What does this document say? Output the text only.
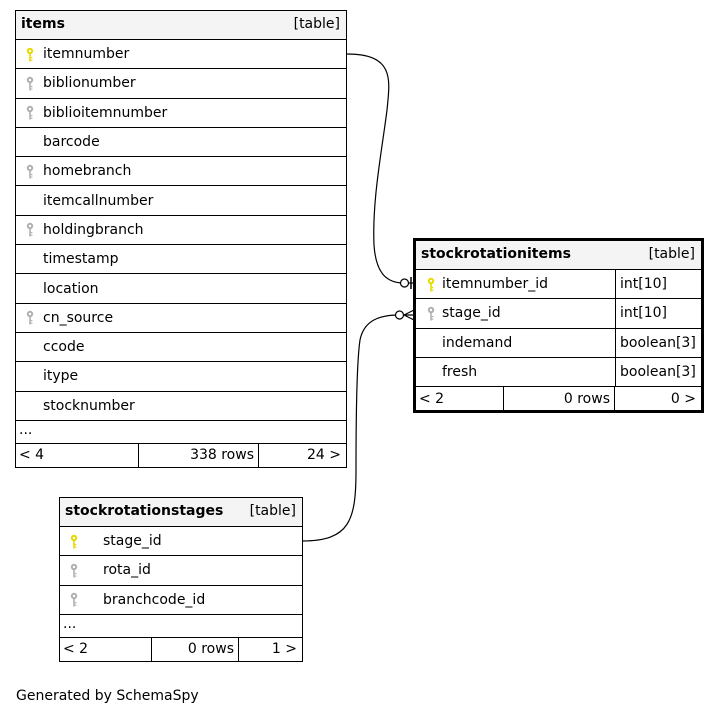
items	[table]
itemnumber
biblionumber
biblioitemnumber
barcode
homebranch
itemcallnumber
holdingbranch
timestamp
location
cn_source
ccode
itype
stocknumber
...
< 4	338 rows	24 >
stockrotationitems	[table]
itemnumber_id	int[10]
stage_id	int[10]
indemand	boolean[3]
fresh	boolean[3]
< 2	0 rows	0 >
stockrotationstages [table]
stage_id
rota_id
branchcode_id
...
< 2	0 rows	1 >
Generated by SchemaSpy
